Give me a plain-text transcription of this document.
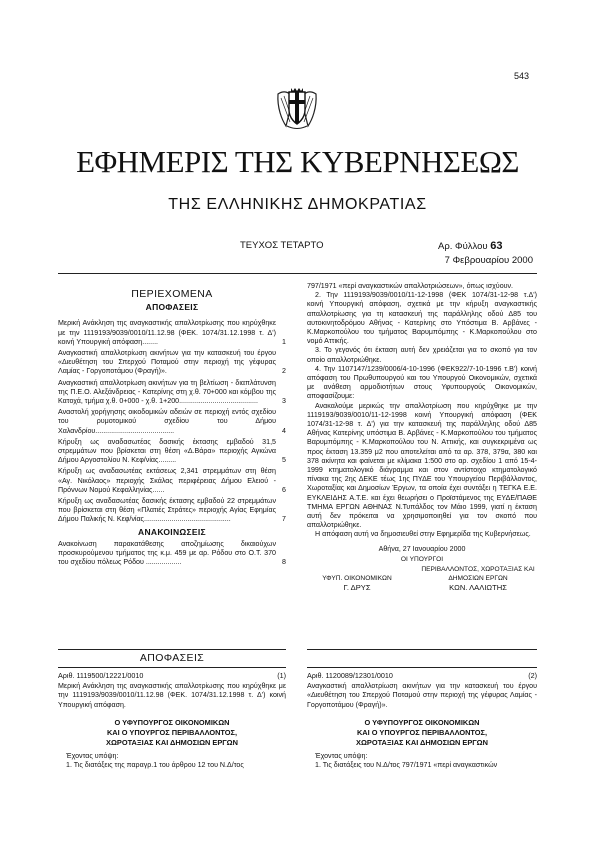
543
ΕΦΗΜΕΡΙΣ ΤΗΣ ΚΥΒΕΡΝΗΣΕΩΣ
ΤΗΣ ΕΛΛΗΝΙΚΗΣ ΔΗΜΟΚΡΑΤΙΑΣ
ΤΕΥΧΟΣ ΤΕΤΑΡΤΟ	Αρ. Φύλλου 63
7 Φεβρουαρίου 2000
ΠΕΡΙΕΧΟΜΕΝΑ
ΑΠΟΦΑΣΕΙΣ
Μερική Ανάκληση της αναγκαστικής απαλλοτρίωσης που κηρύχθηκε με την 1119193/9039/0010/11.12.98 (ΦΕΚ. 1074/31.12.1998 τ. Δ') κοινή Υπουργική απόφαση........	1
Αναγκαστική απαλλοτρίωση ακινήτων για την κατασκευή του έργου «Διευθέτηση του Σπερχού Ποταμού στην περιοχή της γέφυρας Λαμίας - Γοργοποτάμου (Φραγή)».	2
Αναγκαστική απαλλοτρίωση ακινήτων για τη βελτίωση - διαπλάτυνση της Π.Ε.Ο. Αλεξάνδρειας - Κατερίνης στη χ.θ. 70+000 και κόμβου της Κατοχά, τμήμα χ.θ. 0+000 - χ.θ. 1+200........................................	3
Αναστολή χορήγησης οικοδομικών αδειών σε περιοχή εντός σχεδίου του ρυμοτομικού σχεδίου του Δήμου Χαλανδρίου........................................	4
Κήρυξη ως αναδασωτέας δασικής έκτασης εμβαδού 31,5 στρεμμάτων που βρίσκεται στη θέση «Δ.Βάρα» περιοχής Αγκώνα Δήμου Αργοστολίου Ν. Κεφ/νίας.........	5
Κήρυξη ως αναδασωτέας εκτάσεως 2,341 στρεμμάτων στη θέση «Αγ. Νικόλαος» περιοχής Σκάλας περιφέρειας Δήμου Ελειού - Πρόννων Νομού Κεφαλληνίας......	6
Κήρυξη ως αναδασωτέας δασικής έκτασης εμβαδού 22 στρεμμάτων που βρίσκεται στη θέση «Πλατιές Στράτες» περιοχής Αγίας Εφημίας Δήμου Παλικής Ν. Κεφ/νίας............................................	7
ΑΝΑΚΟΙΝΩΣΕΙΣ
Ανακοίνωση παρακατάθεσης αποζημίωσης δικαιούχων προσκυρούμενου τμήματος της κ.μ. 459 με αρ. Ρόδου στο Ο.Τ. 370 του σχεδίου πόλεως Ρόδου ..................	8

797/1971 «περί αναγκαστικών απαλλοτριώσεων», όπως ισχύουν.

2. Την 1119193/9039/0010/11-12-1998 (ΦΕΚ 1074/31-12-98 τ.Δ') κοινή Υπουργική απόφαση, σχετικά με την κήρυξη αναγκαστικής απαλλοτρίωσης για τη κατασκευή της παράλληλης οδού Δ85 του αυτοκινητοδρόμου Αθήνας - Κατερίνης στο Υπόστιμα Β. Αρβάνες - Κ.Μαρκοπούλου του τμήματος Βαρυμπόμπης - Κ.Μαρκοπούλου στο νομό Αττικής.

3. Το γεγονός ότι έκταση αυτή δεν χρειάζεται για το σκοπό για τον οποίο απαλλοτριώθηκε.

4. Την 1107147/1239/0006/4-10-1996 (ΦΕΚ922/7-10-1996 τ.Β') κοινή απόφαση του Πρωθυπουργού και του Υπουργού Οικονομικών, σχετικά με ανάθεση αρμοδιοτήτων στους Υφυπουργούς Οικονομικών, αποφασίζουμε:

Ανακαλούμε μερικώς την απαλλοτρίωση που κηρύχθηκε με την 1119193/9039/0010/11-12-1998 κοινή Υπουργική απόφαση (ΦΕΚ 1074/31-12-98 τ. Δ') για την κατασκευή της παράλληλης οδού Δ85 Αθήνας Κατερίνης υπόστιμα Β. Αρβάνες - Κ.Μαρκοπούλου του τμήματος Βαρυμπόμπης - Κ.Μαρκοπούλου του Ν. Αττικής, και συγκεκριμένα ως προς έκταση 13.359 μ2 που αποτελείται από τα αρ. 378, 379α, 380 και 378 ακίνητα και φαίνεται με κλίμακα 1:500 στο αρ. σχεδίου 1 από 15-4-1999 κτηματολογικό διάγραμμα και στον αντίστοιχο κτηματολογικό πίνακα της 2ης ΔΕΚΕ τέως 1ης ΠΥΔΕ του Υπουργείου Περιβάλλοντος, Χωροταξίας και Δημοσίων Έργων, τα οποία έχει συντάξει η ΤΕΓΚΑ Ε.Ε. ΕΥΚΛΕΙΔΗΣ Α.Τ.Ε. και έχει θεωρήσει ο Προϊστάμενος της ΕΥΔΕ/ΠΑΘΕ ΤΜΗΜΑ ΕΡΓΩΝ ΑΘΗΝΑΣ Ν.Τυπάλδος τον Μάιο 1999, γιατί η έκταση αυτή δεν πρόκειται να χρησιμοποιηθεί για τον σκοπό που απαλλοτριώθηκε.

Η απόφαση αυτή να δημοσιευθεί στην Εφημερίδα της Κυβερνήσεως.

Αθήνα, 27 Ιανουαρίου 2000
ΟΙ ΥΠΟΥΡΓΟΙ
ΥΦΥΠ. ΟΙΚΟΝΟΜΙΚΩΝ
Γ. ΔΡΥΣ
ΠΕΡΙΒΑΛΛΟΝΤΟΣ, ΧΩΡΟΤΑΞΙΑΣ ΚΑΙ ΔΗΜΟΣΙΩΝ ΕΡΓΩΝ
ΚΩΝ. ΛΑΛΙΩΤΗΣ
ΑΠΟΦΑΣΕΙΣ
Αριθ. 1119500/12221/0010	(1)

Μερική Ανάκληση της αναγκαστικής απαλλοτρίωσης που κηρύχθηκε με την 1119193/9039/0010/11.12.98 (ΦΕΚ. 1074/31.12.1998 τ. Δ') κοινή Υπουργική απόφαση.

Ο ΥΦΥΠΟΥΡΓΟΣ ΟΙΚΟΝΟΜΙΚΩΝ
ΚΑΙ Ο ΥΠΟΥΡΓΟΣ ΠΕΡΙΒΑΛΛΟΝΤΟΣ,
ΧΩΡΟΤΑΞΙΑΣ ΚΑΙ ΔΗΜΟΣΙΩΝ ΕΡΓΩΝ

Έχοντας υπόψη:

1. Τις διατάξεις της παραγρ.1 του άρθρου 12 του Ν.Δ/τος

Αριθ. 1120089/12301/0010	(2)

Αναγκαστική απαλλοτρίωση ακινήτων για την κατασκευή του έργου «Διευθέτηση του Σπερχού Ποταμού στην περιοχή της γέφυρας Λαμίας - Γοργοποτάμου (Φραγή)».

Ο ΥΦΥΠΟΥΡΓΟΣ ΟΙΚΟΝΟΜΙΚΩΝ
ΚΑΙ Ο ΥΠΟΥΡΓΟΣ ΠΕΡΙΒΑΛΛΟΝΤΟΣ,
ΧΩΡΟΤΑΞΙΑΣ ΚΑΙ ΔΗΜΟΣΙΩΝ ΕΡΓΩΝ

Έχοντας υπόψη:

1. Τις διατάξεις του Ν.Δ/τος 797/1971 «περί αναγκαστικών
